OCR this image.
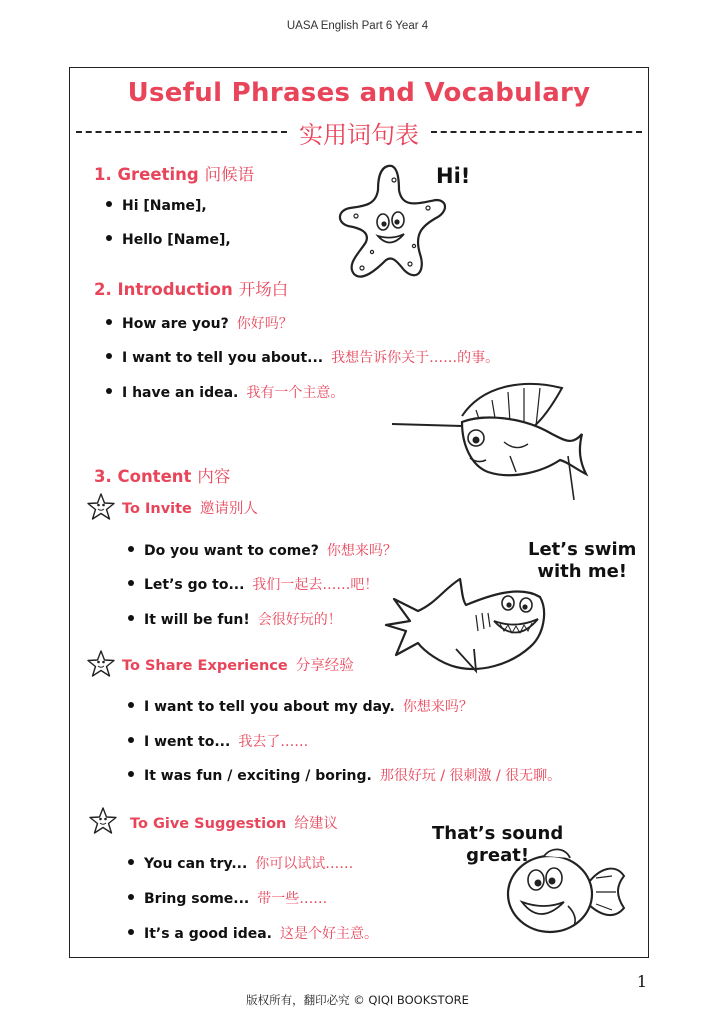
UASA English Part 6 Year 4
Useful Phrases and Vocabulary
实用词句表
1. Greeting 问候语
Hi [Name],
Hello [Name],
2. Introduction 开场白
How are you? 你好吗？
I want to tell you about... 我想告诉你关于……的事。
I have an idea. 我有一个主意。
3. Content 内容
To Invite 邀请别人
Do you want to come? 你想来吗？
Let’s go to... 我们一起去……吧！
It will be fun! 会很好玩的！
To Share Experience 分享经验
I want to tell you about my day. 你想来吗？
I went to... 我去了……
It was fun / exciting / boring. 那很好玩 / 很刺激 / 很无聊。
To Give Suggestion 给建议
You can try... 你可以试试……
Bring some... 带一些……
It’s a good idea. 这是个好主意。
Hi!
Let’s swim
with me!
That’s sound
great!
1
版权所有，翻印必究 © QIQI BOOKSTORE
